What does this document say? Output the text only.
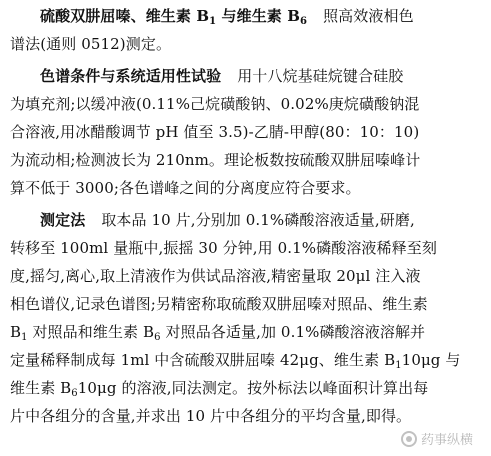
硫酸双肼屈嗪、维生素 $B_1$ 与维生素 $B_6$ 照高效液相色
谱法(通则 0512)测定。
色谱条件与系统适用性试验 用十八烷基硅烷键合硅胶
为填充剂;以缓冲液(0.11%己烷磺酸钠、0.02%庚烷磺酸钠混
合溶液,用冰醋酸调节 pH 值至 3.5)-乙腈-甲醇(80：10：10)
为流动相;检测波长为 210nm。理论板数按硫酸双肼屈嗪峰计
算不低于 3000;各色谱峰之间的分离度应符合要求。
测定法 取本品 10 片,分别加 0.1%磷酸溶液适量,研磨,
转移至 100ml 量瓶中,振摇 30 分钟,用 0.1%磷酸溶液稀释至刻
度,摇匀,离心,取上清液作为供试品溶液,精密量取 20μl 注入液
相色谱仪,记录色谱图;另精密称取硫酸双肼屈嗪对照品、维生素
$B_1$ 对照品和维生素 $B_6$ 对照品各适量,加 0.1%磷酸溶液溶解并
定量稀释制成每 1ml 中含硫酸双肼屈嗪 42μg、维生素 $B_110\mu g$ 与
维生素 $B_610\mu g$ 的溶液,同法测定。按外标法以峰面积计算出每
片中各组分的含量,并求出 10 片中各组分的平均含量,即得。
药事纵横
